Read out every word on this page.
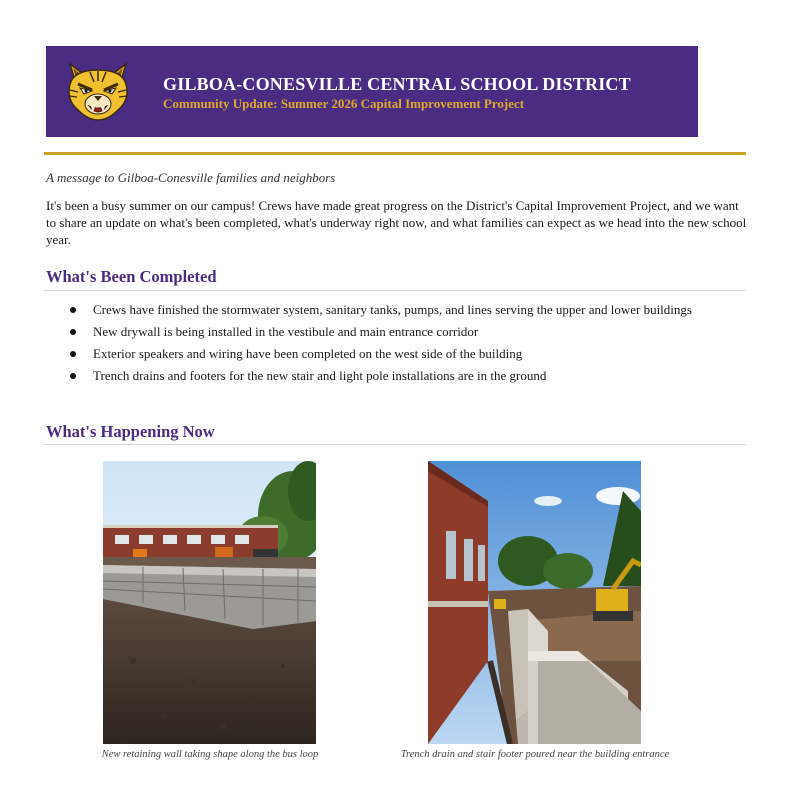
GILBOA-CONESVILLE CENTRAL SCHOOL DISTRICT
Community Update: Summer 2026 Capital Improvement Project
A message to Gilboa-Conesville families and neighbors
It's been a busy summer on our campus! Crews have made great progress on the District's Capital Improvement Project, and we want to share an update on what's been completed, what's underway right now, and what families can expect as we head into the new school year.
What's Been Completed
Crews have finished the stormwater system, sanitary tanks, pumps, and lines serving the upper and lower buildings
New drywall is being installed in the vestibule and main entrance corridor
Exterior speakers and wiring have been completed on the west side of the building
Trench drains and footers for the new stair and light pole installations are in the ground
What's Happening Now
New retaining wall taking shape along the bus loop	Trench drain and stair footer poured near the building entrance
